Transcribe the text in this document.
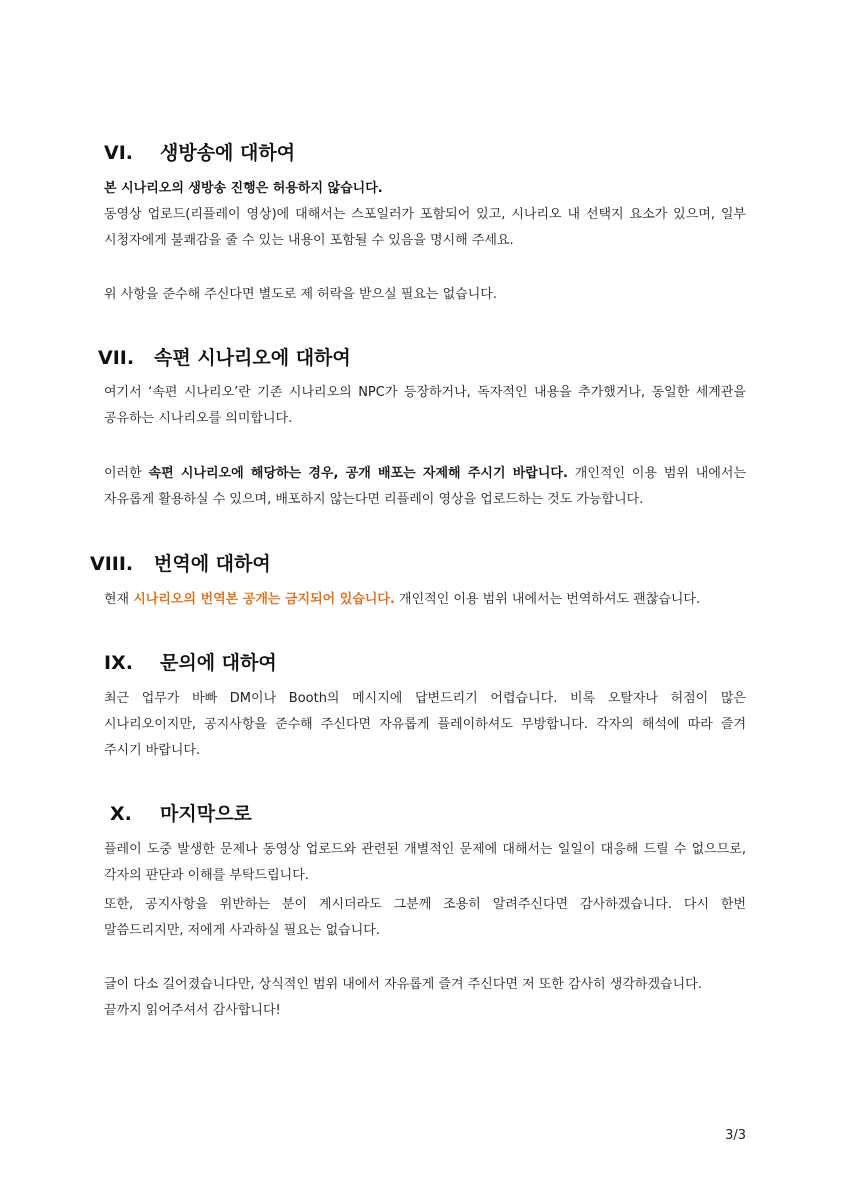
VI.	생방송에 대하여
본 시나리오의 생방송 진행은 허용하지 않습니다.
동영상 업로드(리플레이 영상)에 대해서는 스포일러가 포함되어 있고, 시나리오 내 선택지 요소가 있으며, 일부
시청자에게 불쾌감을 줄 수 있는 내용이 포함될 수 있음을 명시해 주세요.
위 사항을 준수해 주신다면 별도로 제 허락을 받으실 필요는 없습니다.
VII.	속편 시나리오에 대하여
여기서 ‘속편 시나리오’란 기존 시나리오의 NPC가 등장하거나, 독자적인 내용을 추가했거나, 동일한 세계관을
공유하는 시나리오를 의미합니다.
이러한 속편 시나리오에 해당하는 경우, 공개 배포는 자제해 주시기 바랍니다. 개인적인 이용 범위 내에서는
자유롭게 활용하실 수 있으며, 배포하지 않는다면 리플레이 영상을 업로드하는 것도 가능합니다.
VIII.	번역에 대하여
현재 시나리오의 번역본 공개는 금지되어 있습니다. 개인적인 이용 범위 내에서는 번역하셔도 괜찮습니다.
IX.	문의에 대하여
최근 업무가 바빠 DM이나 Booth의 메시지에 답변드리기 어렵습니다. 비록 오탈자나 허점이 많은
시나리오이지만, 공지사항을 준수해 주신다면 자유롭게 플레이하셔도 무방합니다. 각자의 해석에 따라 즐겨
주시기 바랍니다.
X.	마지막으로
플레이 도중 발생한 문제나 동영상 업로드와 관련된 개별적인 문제에 대해서는 일일이 대응해 드릴 수 없으므로,
각자의 판단과 이해를 부탁드립니다.
또한, 공지사항을 위반하는 분이 계시더라도 그분께 조용히 알려주신다면 감사하겠습니다. 다시 한번
말씀드리지만, 저에게 사과하실 필요는 없습니다.
글이 다소 길어졌습니다만, 상식적인 범위 내에서 자유롭게 즐겨 주신다면 저 또한 감사히 생각하겠습니다.
끝까지 읽어주셔서 감사합니다!
3/3
